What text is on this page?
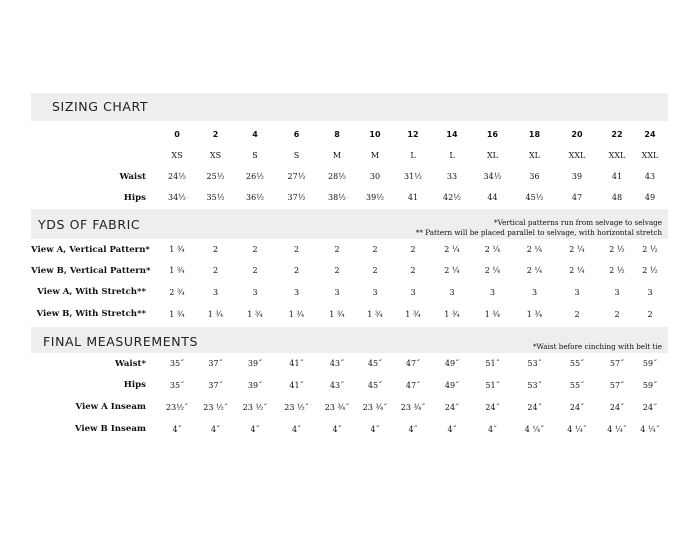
SIZING CHART
	0	2	4	6	8	10	12	14	16	18	20	22	24
	XS	XS	S	S	M	M	L	L	XL	XL	XXL	XXL	XXL
Waist	24½	25½	26½	27½	28½	30	31½	33	34½	36	39	41	43
Hips	34½	35½	36½	37½	38½	39½	41	42½	44	45½	47	48	49
YDS OF FABRIC	*Vertical patterns run from selvage to selvage
** Pattern will be placed parallel to selvage, with horizontal stretch
View A, Vertical Pattern*	1 ¾	2	2	2	2	2	2	2 ¼	2 ¼	2 ¼	2 ¼	2 ½	2 ½
View B, Vertical Pattern*	1 ¾	2	2	2	2	2	2	2 ¼	2 ¼	2 ¼	2 ¼	2 ½	2 ½
View A, With Stretch**	2 ¾	3	3	3	3	3	3	3	3	3	3	3	3
View B, With Stretch**	1 ¾	1 ¾	1 ¾	1 ¾	1 ¾	1 ¾	1 ¾	1 ¾	1 ¾	1 ¾	2	2	2
FINAL MEASUREMENTS	*Waist before cinching with belt tie
Waist*	35˝	37˝	39˝	41˝	43˝	45˝	47˝	49˝	51˝	53˝	55˝	57˝	59˝
Hips	35˝	37˝	39˝	41˝	43˝	45˝	47˝	49˝	51˝	53˝	55˝	57˝	59˝
View A Inseam	23½˝	23 ½˝	23 ½˝	23 ½˝	23 ¾˝	23 ¾˝	23 ¾˝	24˝	24˝	24˝	24˝	24˝	24˝
View B Inseam	4˝	4˝	4˝	4˝	4˝	4˝	4˝	4˝	4˝	4 ¼˝	4 ¼˝	4 ¼˝	4 ¼˝
